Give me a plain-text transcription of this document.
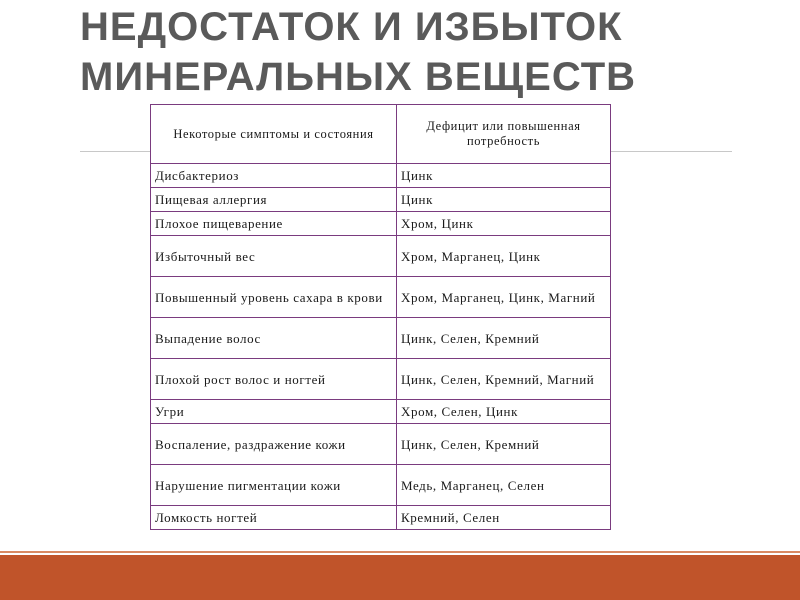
НЕДОСТАТОК И ИЗБЫТОК
МИНЕРАЛЬНЫХ ВЕЩЕСТВ
Некоторые симптомы и состояния	Дефицит или повышенная потребность
Дисбактериоз	Цинк
Пищевая аллергия	Цинк
Плохое пищеварение	Хром, Цинк
Избыточный вес	Хром, Марганец, Цинк
Повышенный уровень сахара в крови	Хром, Марганец, Цинк, Магний
Выпадение волос	Цинк, Селен, Кремний
Плохой рост волос и ногтей	Цинк, Селен, Кремний, Магний
Угри	Хром, Селен, Цинк
Воспаление, раздражение кожи	Цинк, Селен, Кремний
Нарушение пигментации кожи	Медь, Марганец, Селен
Ломкость ногтей	Кремний, Селен
